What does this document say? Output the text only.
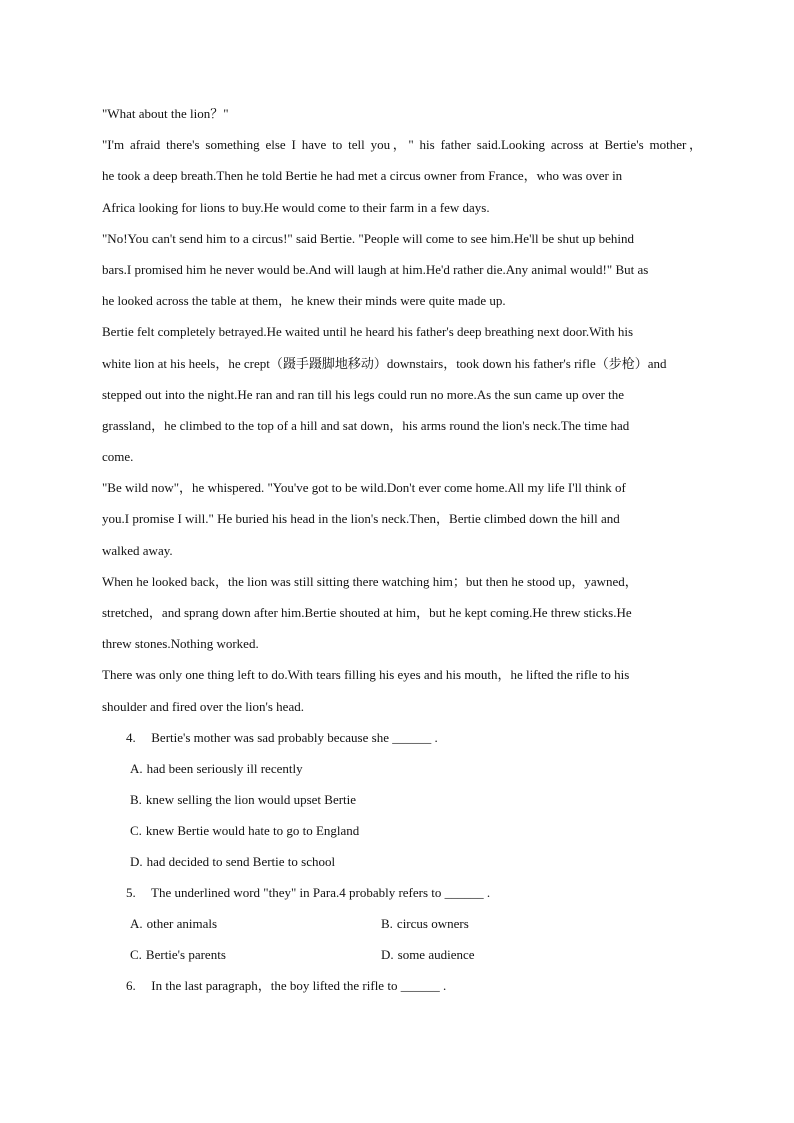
"What about the lion？"
"I'm afraid there's something else I have to tell you，" his father said.Looking across at Bertie's mother，
he took a deep breath.Then he told Bertie he had met a circus owner from France，who was over in
Africa looking for lions to buy.He would come to their farm in a few days.
"No!You can't send him to a circus!" said Bertie. "People will come to see him.He'll be shut up behind
bars.I promised him he never would be.And will laugh at him.He'd rather die.Any animal would!" But as
he looked across the table at them，he knew their minds were quite made up.
Bertie felt completely betrayed.He waited until he heard his father's deep breathing next door.With his
white lion at his heels，he crept（蹑手蹑脚地移动）downstairs，took down his father's rifle（步枪）and
stepped out into the night.He ran and ran till his legs could run no more.As the sun came up over the
grassland，he climbed to the top of a hill and sat down，his arms round the lion's neck.The time had
come.
"Be wild now"，he whispered. "You've got to be wild.Don't ever come home.All my life I'll think of
you.I promise I will." He buried his head in the lion's neck.Then，Bertie climbed down the hill and
walked away.
When he looked back，the lion was still sitting there watching him；but then he stood up，yawned，
stretched，and sprang down after him.Bertie shouted at him，but he kept coming.He threw sticks.He
threw stones.Nothing worked.
There was only one thing left to do.With tears filling his eyes and his mouth，he lifted the rifle to his
shoulder and fired over the lion's head.
4. Bertie's mother was sad probably because she ______ .
A. had been seriously ill recently
B. knew selling the lion would upset Bertie
C. knew Bertie would hate to go to England
D. had decided to send Bertie to school
5. The underlined word "they" in Para.4 probably refers to ______ .
A. other animals	B. circus owners
C. Bertie's parents	D. some audience
6. In the last paragraph，the boy lifted the rifle to ______ .
